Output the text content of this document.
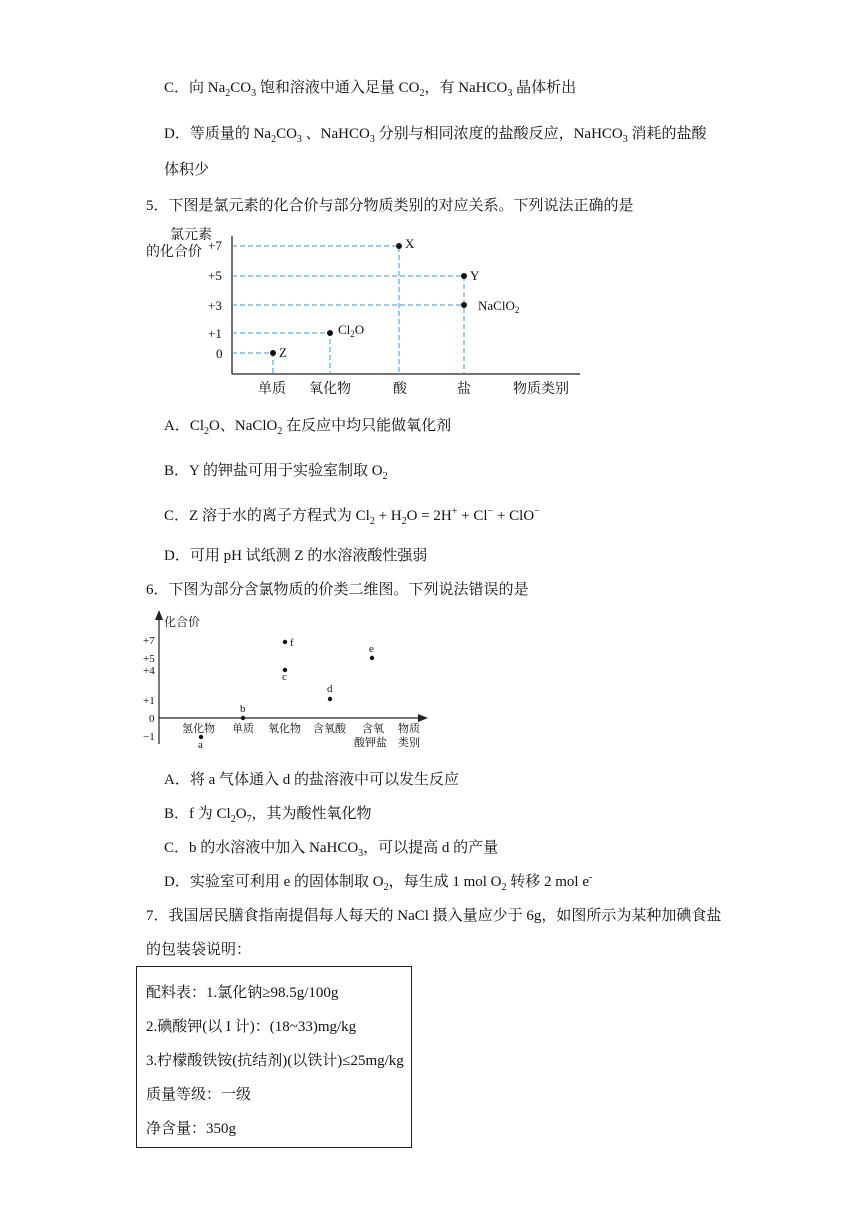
C．向 $Na_2CO_3$ 饱和溶液中通入足量 $CO_2$，有 NaHCO$_3$ 晶体析出
D．等质量的 $Na_2CO_3$ 、NaHCO$_3$ 分别与相同浓度的盐酸反应，NaHCO$_3$ 消耗的盐酸
体积少
5．下图是氯元素的化合价与部分物质类别的对应关系。下列说法正确的是
氯元素
的化合价 +7
+5
+3
+1
0
X
Y
NaClO$_2$
$Cl_2O$
Z
单质 氧化物	酸	盐	物质类别
A．$Cl_2O$、NaClO$_2$ 在反应中均只能做氧化剂
B．Y 的钾盐可用于实验室制取 $O_2$
C．Z 溶于水的离子方程式为 $Cl_2 + H_2O = 2H^+ + Cl^- + ClO^-$
D．可用 pH 试纸测 Z 的水溶液酸性强弱
6．下图为部分含氯物质的价类二维图。下列说法错误的是
化合价
+7
+5
+4
+1
0
−1
a
b
c
d
e
f
氢化物 单质 氧化物 含氧酸 含氧
酸钾盐
物质
类别
A．将 a 气体通入 d 的盐溶液中可以发生反应
B．f 为 $Cl_2O_7$，其为酸性氧化物
C．b 的水溶液中加入 NaHCO$_3$，可以提高 d 的产量
D．实验室可利用 e 的固体制取 $O_2$，每生成 1 mol $O_2$ 转移 2 mol e-
7．我国居民膳食指南提倡每人每天的 NaCl 摄入量应少于 6g，如图所示为某种加碘食盐
的包装袋说明：
配料表：1.氯化钠≥98.5g/100g
2.碘酸钾(以 I 计)：(18~33)mg/kg
3.柠檬酸铁铵(抗结剂)(以铁计)≤25mg/kg
质量等级：一级
净含量：350g
